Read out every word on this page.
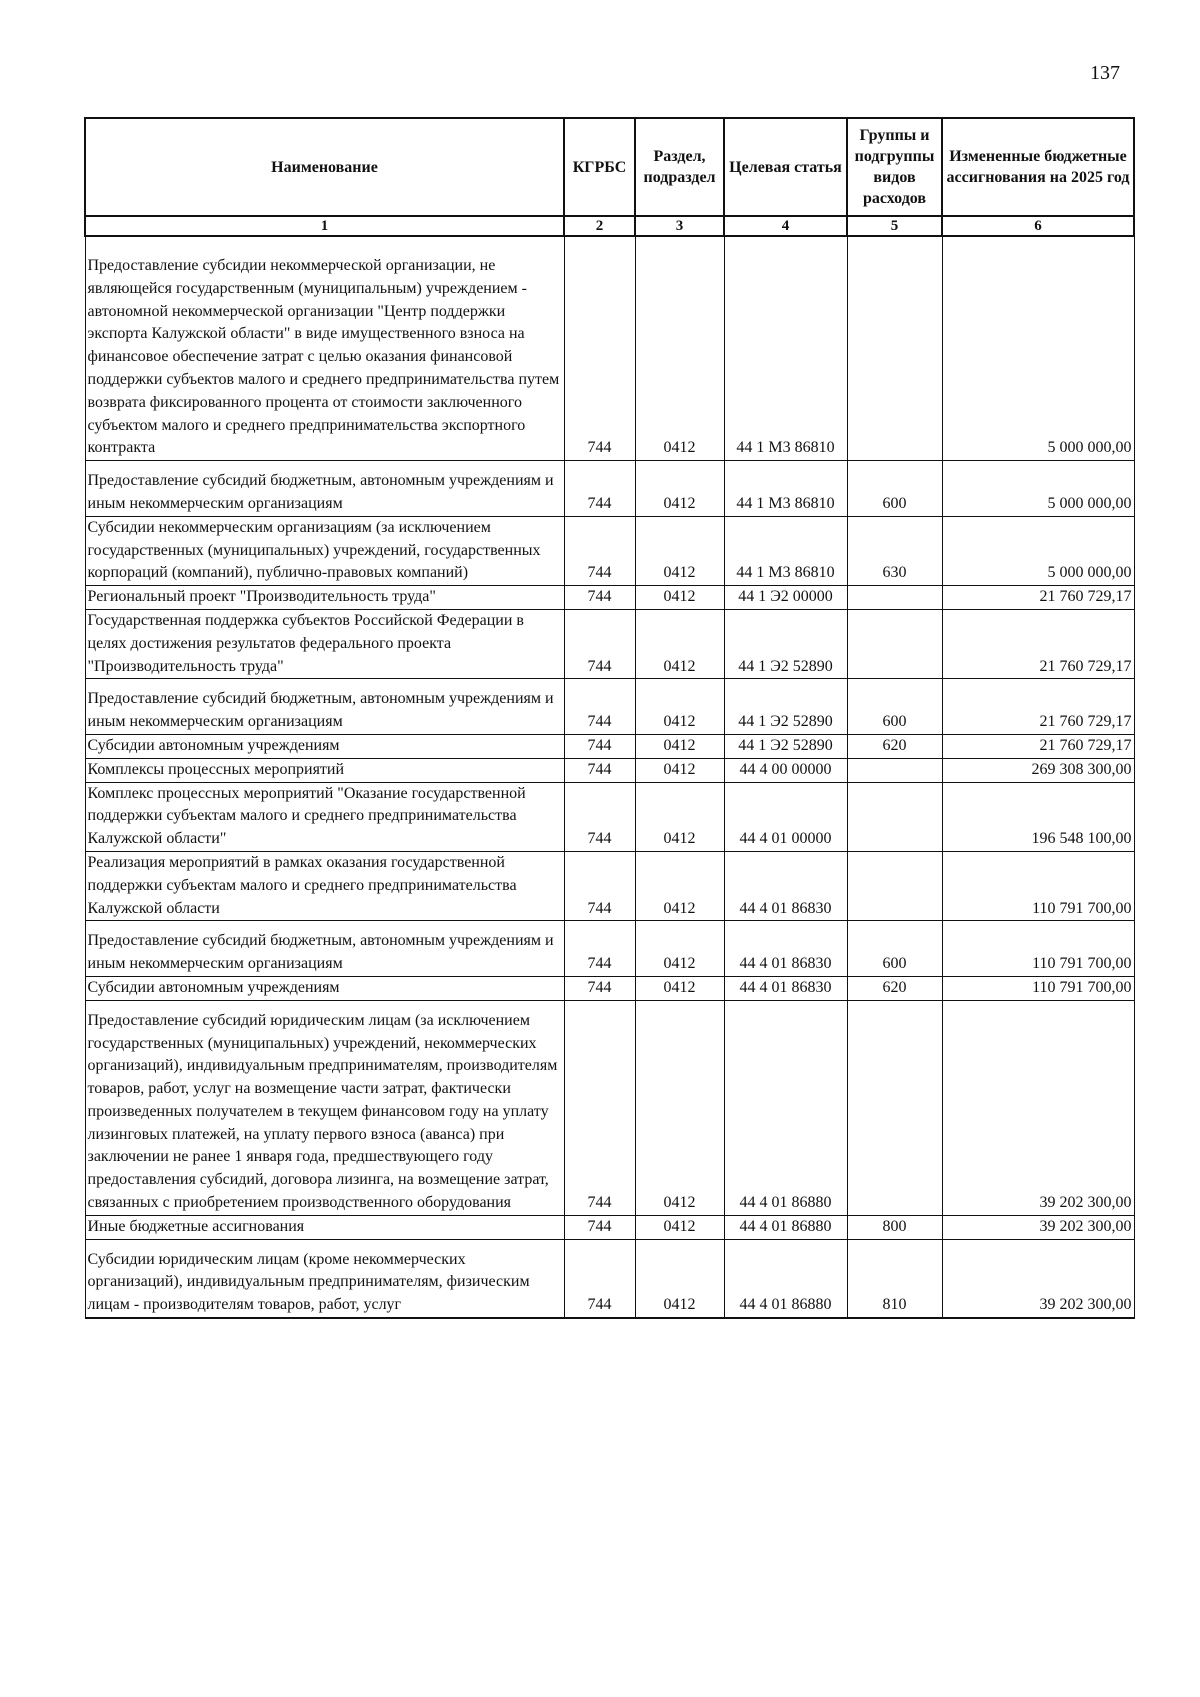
137
Наименование	КГРБС	Раздел, подраздел	Целевая статья	Группы и подгруппы видов расходов	Измененные бюджетные ассигнования на 2025 год
1	2	3	4	5	6

Предоставление субсидии некоммерческой организации, не являющейся государственным (муниципальным) учреждением - автономной некоммерческой организации "Центр поддержки экспорта Калужской области" в виде имущественного взноса на финансовое обеспечение затрат с целью оказания финансовой поддержки субъектов малого и среднего предпринимательства путем возврата фиксированного процента от стоимости заключенного субъектом малого и среднего предпринимательства экспортного контракта	744	0412	44 1 М3 86810		5 000 000,00

Предоставление субсидий бюджетным, автономным учреждениям и иным некоммерческим организациям	744	0412	44 1 М3 86810	600	5 000 000,00
Субсидии некоммерческим организациям (за исключением государственных (муниципальных) учреждений, государственных корпораций (компаний), публично-правовых компаний)	744	0412	44 1 М3 86810	630	5 000 000,00
Региональный проект "Производительность труда"	744	0412	44 1 Э2 00000		21 760 729,17
Государственная поддержка субъектов Российской Федерации в целях достижения результатов федерального проекта "Производительность труда"	744	0412	44 1 Э2 52890		21 760 729,17

Предоставление субсидий бюджетным, автономным учреждениям и иным некоммерческим организациям	744	0412	44 1 Э2 52890	600	21 760 729,17
Субсидии автономным учреждениям	744	0412	44 1 Э2 52890	620	21 760 729,17
Комплексы процессных мероприятий	744	0412	44 4 00 00000		269 308 300,00
Комплекс процессных мероприятий "Оказание государственной поддержки субъектам малого и среднего предпринимательства Калужской области"	744	0412	44 4 01 00000		196 548 100,00
Реализация мероприятий в рамках оказания государственной поддержки субъектам малого и среднего предпринимательства Калужской области	744	0412	44 4 01 86830		110 791 700,00

Предоставление субсидий бюджетным, автономным учреждениям и иным некоммерческим организациям	744	0412	44 4 01 86830	600	110 791 700,00
Субсидии автономным учреждениям	744	0412	44 4 01 86830	620	110 791 700,00

Предоставление субсидий юридическим лицам (за исключением государственных (муниципальных) учреждений, некоммерческих организаций), индивидуальным предпринимателям, производителям товаров, работ, услуг на возмещение части затрат, фактически произведенных получателем в текущем финансовом году на уплату лизинговых платежей, на уплату первого взноса (аванса) при заключении не ранее 1 января года, предшествующего году предоставления субсидий, договора лизинга, на возмещение затрат, связанных с приобретением производственного оборудования	744	0412	44 4 01 86880		39 202 300,00
Иные бюджетные ассигнования	744	0412	44 4 01 86880	800	39 202 300,00

Субсидии юридическим лицам (кроме некоммерческих организаций), индивидуальным предпринимателям, физическим лицам - производителям товаров, работ, услуг	744	0412	44 4 01 86880	810	39 202 300,00
